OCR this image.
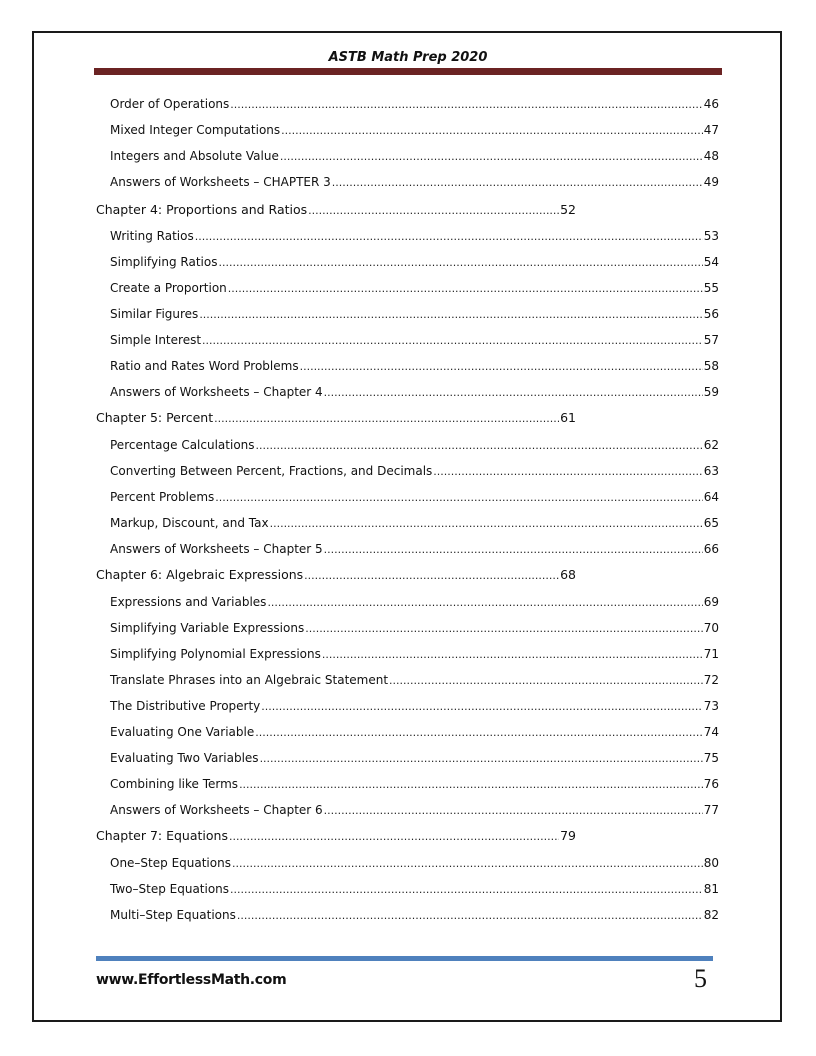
ASTB Math Prep 2020
Order of Operations .....	46
Mixed Integer Computations .....	47
Integers and Absolute Value .....	48
Answers of Worksheets – CHAPTER 3 .....	49
Chapter 4: Proportions and Ratios .....	52
Writing Ratios .....	53
Simplifying Ratios .....	54
Create a Proportion .....	55
Similar Figures .....	56
Simple Interest .....	57
Ratio and Rates Word Problems .....	58
Answers of Worksheets – Chapter 4 .....	59
Chapter 5: Percent .....	61
Percentage Calculations .....	62
Converting Between Percent, Fractions, and Decimals .....	63
Percent Problems .....	64
Markup, Discount, and Tax .....	65
Answers of Worksheets – Chapter 5 .....	66
Chapter 6: Algebraic Expressions .....	68
Expressions and Variables .....	69
Simplifying Variable Expressions .....	70
Simplifying Polynomial Expressions .....	71
Translate Phrases into an Algebraic Statement .....	72
The Distributive Property .....	73
Evaluating One Variable .....	74
Evaluating Two Variables .....	75
Combining like Terms .....	76
Answers of Worksheets – Chapter 6 .....	77
Chapter 7: Equations .....	79
One–Step Equations .....	80
Two–Step Equations .....	81
Multi–Step Equations .....	82
www.EffortlessMath.com	5
